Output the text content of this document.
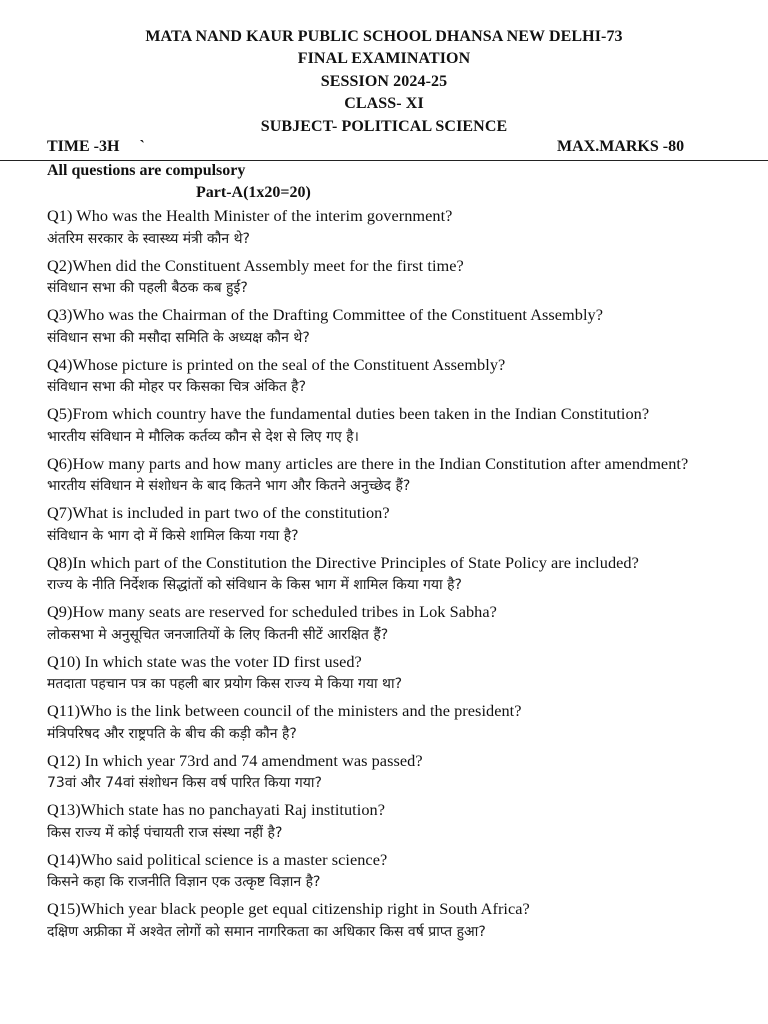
MATA NAND KAUR PUBLIC SCHOOL DHANSA NEW DELHI-73
FINAL EXAMINATION
SESSION 2024-25
CLASS- XI
SUBJECT- POLITICAL SCIENCE
TIME -3H     `	MAX.MARKS -80
All questions are compulsory
Part-A(1x20=20)
Q1) Who was the Health Minister of the interim government?
अंतरिम सरकार के स्वास्थ्य मंत्री कौन थे?
Q2)When did the Constituent Assembly meet for the first time?
संविधान सभा की पहली बैठक कब हुई?
Q3)Who was the Chairman of the Drafting Committee of the Constituent Assembly?
संविधान सभा की मसौदा समिति के अध्यक्ष कौन थे?
Q4)Whose picture is printed on the seal of the Constituent Assembly?
संविधान सभा की मोहर पर किसका चित्र अंकित है?
Q5)From which country have the fundamental duties been taken in the Indian Constitution?
भारतीय संविधान मे मौलिक कर्तव्य कौन से देश से लिए गए है।
Q6)How many parts and how many articles are there in the Indian Constitution after amendment?
भारतीय संविधान मे संशोधन के बाद कितने भाग और कितने अनुच्छेद हैं?
Q7)What is included in part two of the constitution?
संविधान के भाग दो में किसे शामिल किया गया है?
Q8)In which part of the Constitution the Directive Principles of State Policy are included?
राज्य के नीति निर्देशक सिद्धांतों को संविधान के किस भाग में शामिल किया गया है?
Q9)How many seats are reserved for scheduled tribes in Lok Sabha?
लोकसभा मे अनुसूचित जनजातियों के लिए कितनी सीटें आरक्षित हैं?
Q10) In which state was the voter ID first used?
मतदाता पहचान पत्र का पहली बार प्रयोग किस राज्य मे किया गया था?
Q11)Who is the link between council of the ministers and the president?
मंत्रिपरिषद और राष्ट्रपति के बीच की कड़ी कौन है?
Q12) In which year 73rd and 74 amendment was passed?
73वां और 74वां संशोधन किस वर्ष पारित किया गया?
Q13)Which state has no panchayati Raj institution?
किस राज्य में कोई पंचायती राज संस्था नहीं है?
Q14)Who said political science is a master science?
किसने कहा कि राजनीति विज्ञान एक उत्कृष्ट विज्ञान है?
Q15)Which year black people get equal citizenship right in South Africa?
दक्षिण अफ्रीका में अश्वेत लोगों को समान नागरिकता का अधिकार किस वर्ष प्राप्त हुआ?
